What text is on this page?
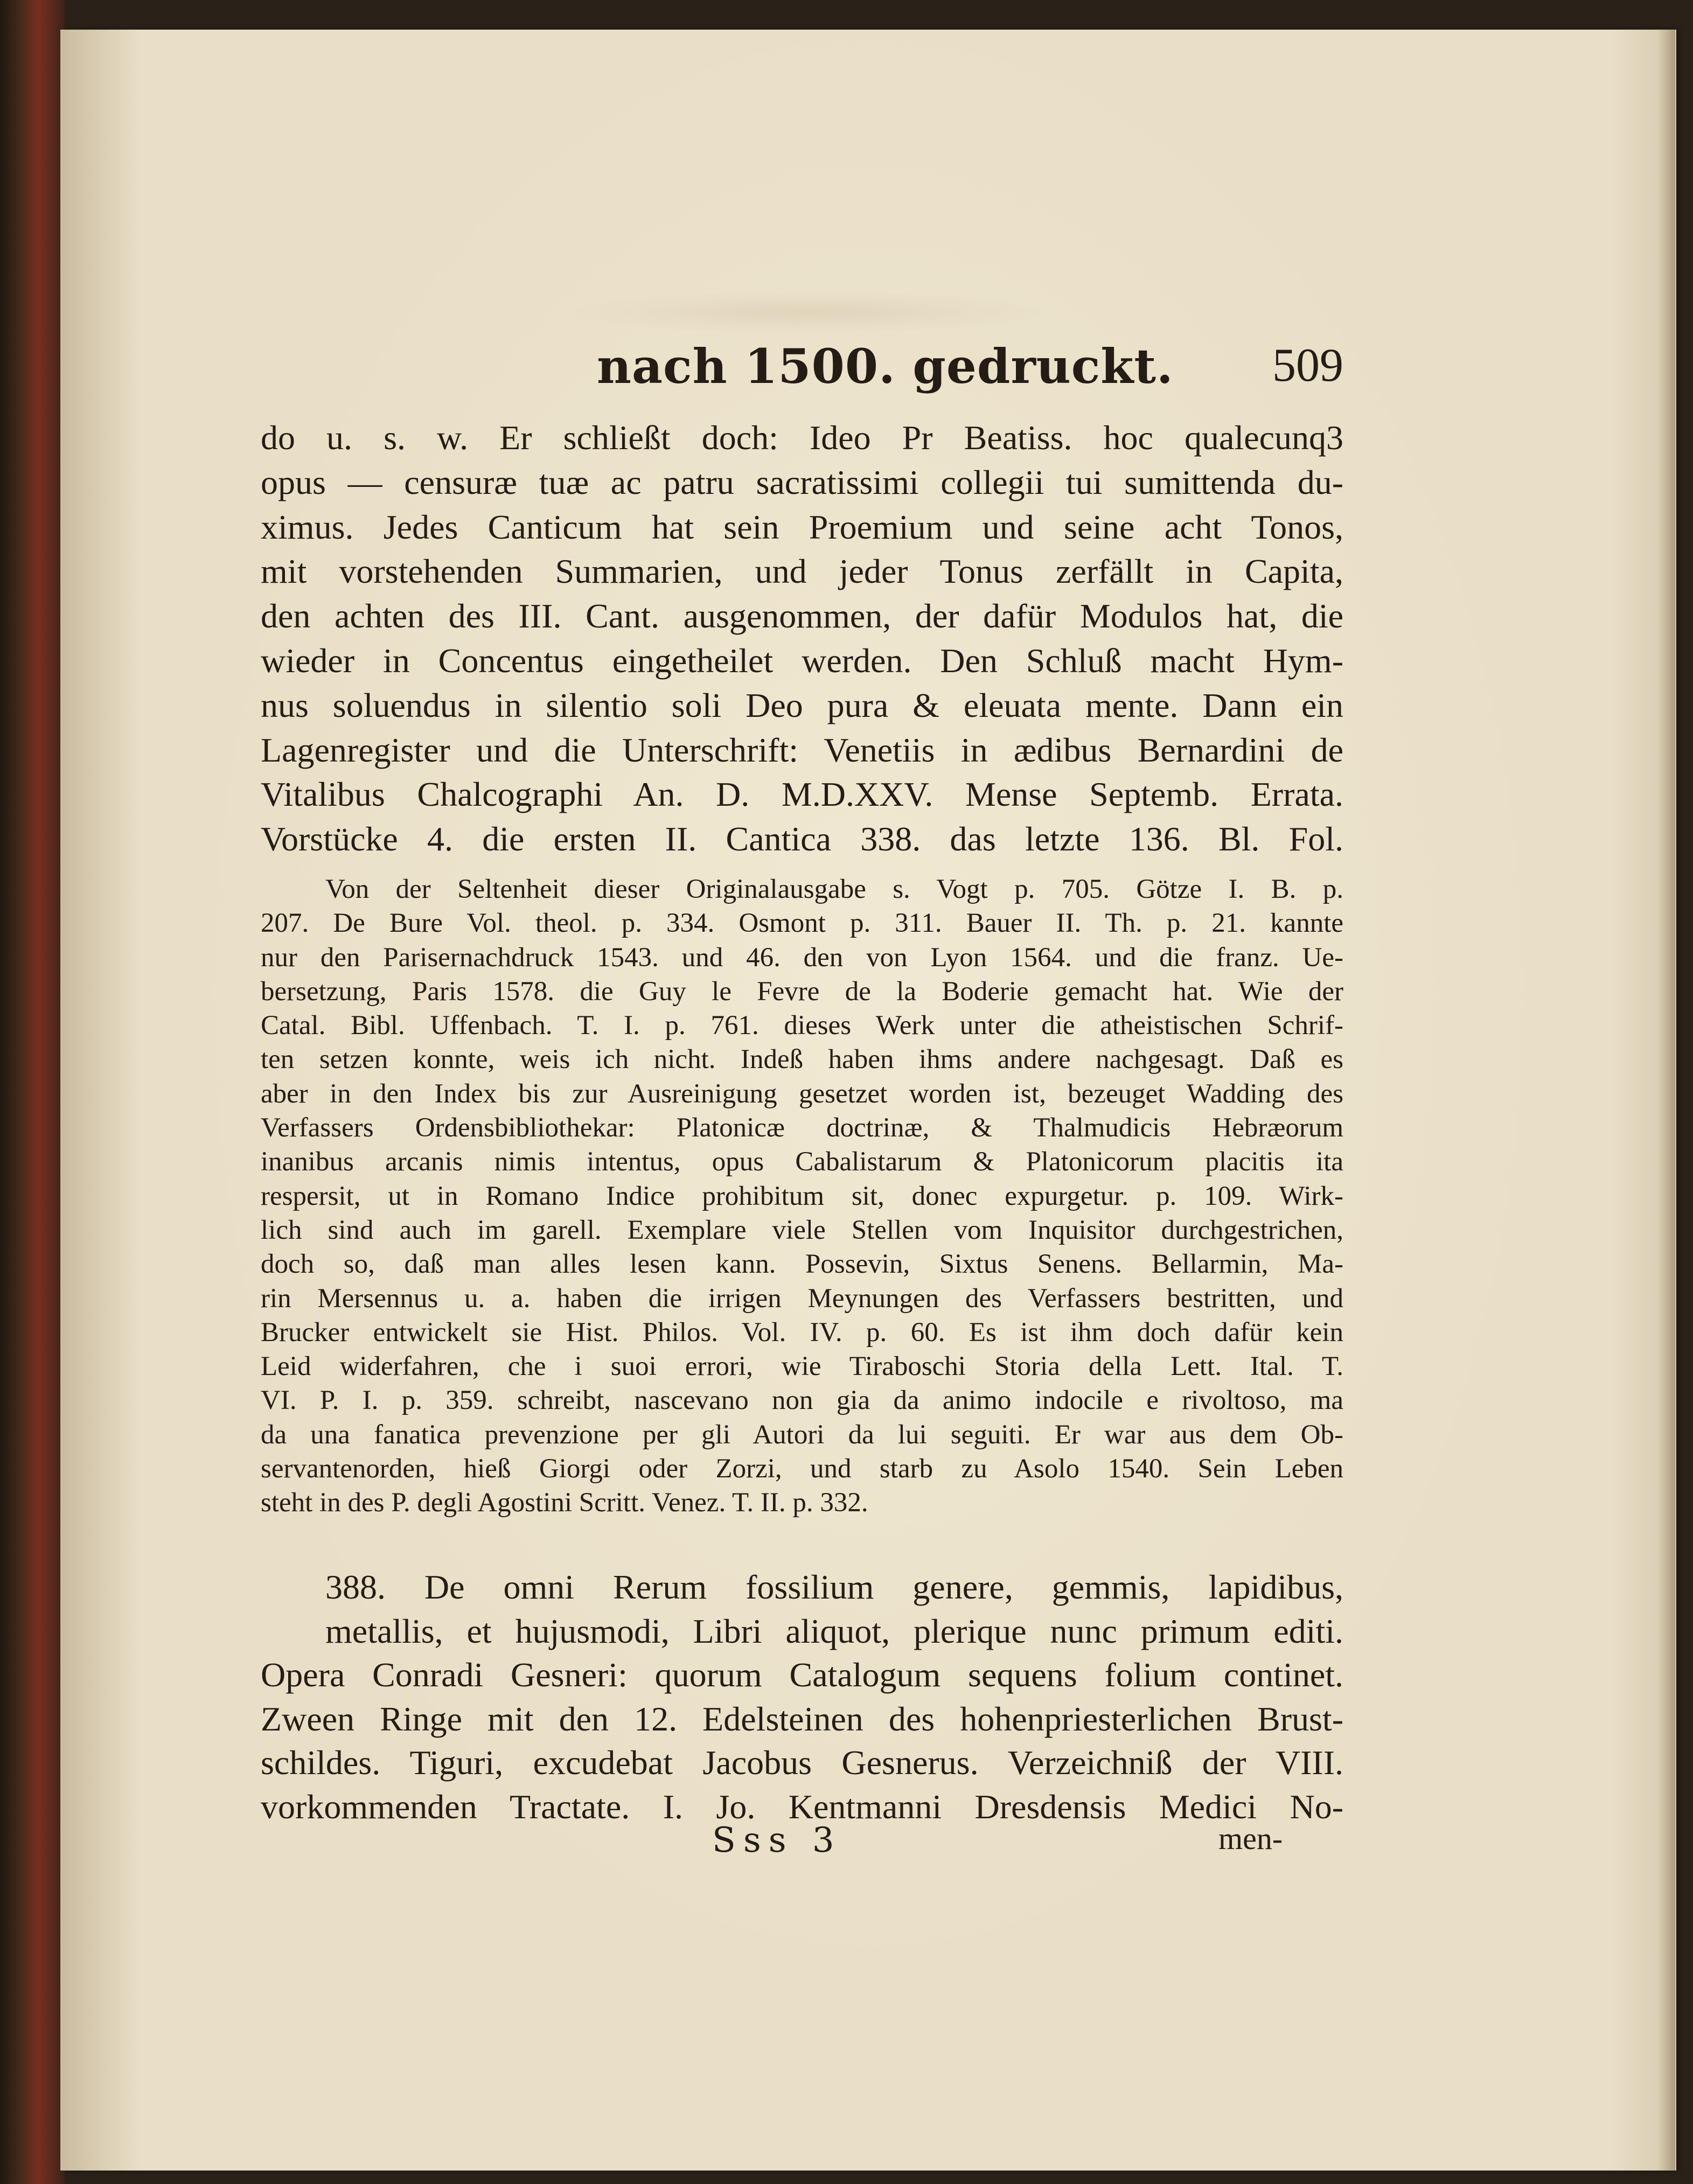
nach 1500. gedruckt. 509
do u. s. w. Er schließt doch: Ideo Pr Beatiss. hoc qualecunq3
opus — censuræ tuæ ac patru sacratissimi collegii tui sumittenda du-
ximus. Jedes Canticum hat sein Proemium und seine acht Tonos,
mit vorstehenden Summarien, und jeder Tonus zerfällt in Capita,
den achten des III. Cant. ausgenommen, der dafür Modulos hat, die
wieder in Concentus eingetheilet werden. Den Schluß macht Hym-
nus soluendus in silentio soli Deo pura & eleuata mente. Dann ein
Lagenregister und die Unterschrift: Venetiis in ædibus Bernardini de
Vitalibus Chalcographi An. D. M.D.XXV. Mense Septemb. Errata.
Vorstücke 4. die ersten II. Cantica 338. das letzte 136. Bl. Fol.
Von der Seltenheit dieser Originalausgabe s. Vogt p. 705. Götze I. B. p.
207. De Bure Vol. theol. p. 334. Osmont p. 311. Bauer II. Th. p. 21. kannte
nur den Parisernachdruck 1543. und 46. den von Lyon 1564. und die franz. Ue-
bersetzung, Paris 1578. die Guy le Fevre de la Boderie gemacht hat. Wie der
Catal. Bibl. Uffenbach. T. I. p. 761. dieses Werk unter die atheistischen Schrif-
ten setzen konnte, weis ich nicht. Indeß haben ihms andere nachgesagt. Daß es
aber in den Index bis zur Ausreinigung gesetzet worden ist, bezeuget Wadding des
Verfassers Ordensbibliothekar: Platonicæ doctrinæ, & Thalmudicis Hebræorum
inanibus arcanis nimis intentus, opus Cabalistarum & Platonicorum placitis ita
respersit, ut in Romano Indice prohibitum sit, donec expurgetur. p. 109. Wirk-
lich sind auch im garell. Exemplare viele Stellen vom Inquisitor durchgestrichen,
doch so, daß man alles lesen kann. Possevin, Sixtus Senens. Bellarmin, Ma-
rin Mersennus u. a. haben die irrigen Meynungen des Verfassers bestritten, und
Brucker entwickelt sie Hist. Philos. Vol. IV. p. 60. Es ist ihm doch dafür kein
Leid widerfahren, che i suoi errori, wie Tiraboschi Storia della Lett. Ital. T.
VI. P. I. p. 359. schreibt, nascevano non gia da animo indocile e rivoltoso, ma
da una fanatica prevenzione per gli Autori da lui seguiti. Er war aus dem Ob-
servantenorden, hieß Giorgi oder Zorzi, und starb zu Asolo 1540. Sein Leben
steht in des P. degli Agostini Scritt. Venez. T. II. p. 332.
388. De omni Rerum fossilium genere, gemmis, lapidibus,
metallis, et hujusmodi, Libri aliquot, plerique nunc primum editi.
Opera Conradi Gesneri: quorum Catalogum sequens folium continet.
Zween Ringe mit den 12. Edelsteinen des hohenpriesterlichen Brust-
schildes. Tiguri, excudebat Jacobus Gesnerus. Verzeichniß der VIII.
vorkommenden Tractate. I. Jo. Kentmanni Dresdensis Medici No-
Sss 3	men-
